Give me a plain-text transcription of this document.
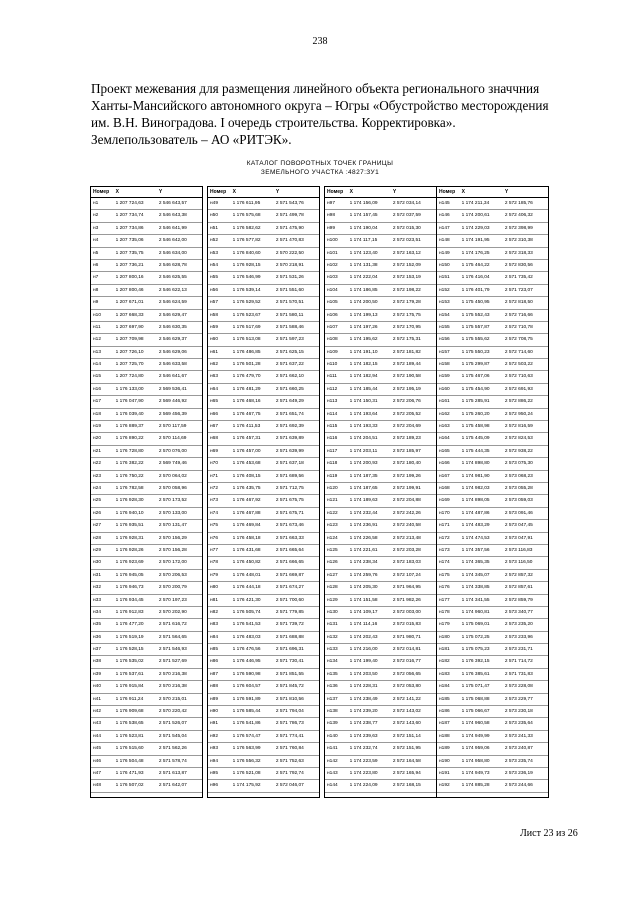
238
Проект межевания для размещения линейного объекта регионального значчния Ханты-Мансийского автономного округа – Югры «Обустройство месторождения им. В.Н. Виноградова. I очередь строительства. Корректировка». Землепользователь – АО «РИТЭК».
КАТАЛОГ ПОВОРОТНЫХ ТОЧЕК ГРАНИЦЫ
ЗЕМЕЛЬНОГО УЧАСТКА :4827:ЗУ1
Номер	X	Y
н1	1 207 724,63	2 546 643,57
н2	1 207 734,74	2 546 643,38
н3	1 207 734,86	2 546 641,99
н4	1 207 735,06	2 546 642,00
н5	1 207 735,75	2 546 634,00
н6	1 207 736,21	2 546 628,78
н7	1 207 800,16	2 546 625,55
н8	1 207 800,46	2 546 622,13
н9	1 207 671,01	2 546 624,59
н10	1 207 668,33	2 546 629,47
н11	1 207 697,90	2 546 630,35
н12	1 207 709,98	2 546 629,37
н13	1 207 726,10	2 546 629,06
н14	1 207 725,70	2 546 633,58
н15	1 207 724,80	2 546 641,67
н16	1 176 133,00	2 569 536,41
н17	1 176 047,90	2 569 446,92
н18	1 176 039,40	2 569 456,39
н19	1 176 889,37	2 570 117,59
н20	1 176 890,22	2 570 114,69
н21	1 176 728,80	2 570 076,00
н22	1 176 382,22	2 569 749,46
н23	1 176 750,22	2 570 064,02
н24	1 176 782,58	2 570 058,96
н25	1 176 928,30	2 570 173,52
н26	1 176 940,10	2 570 133,00
н27	1 176 935,51	2 570 131,47
н28	1 176 928,31	2 570 156,29
н29	1 176 928,26	2 570 156,28
н30	1 176 923,69	2 570 172,00
н31	1 176 945,05	2 570 206,53
н32	1 176 946,73	2 570 200,79
н33	1 176 934,45	2 570 197,23
н34	1 176 912,83	2 570 202,90
н35	1 176 477,20	2 571 616,72
н36	1 176 519,19	2 571 564,65
н37	1 176 528,15	2 571 546,93
н38	1 176 535,02	2 571 527,69
н39	1 176 537,61	2 570 216,38
н40	1 176 915,84	2 570 216,38
н41	1 176 911,24	2 570 215,01
н42	1 176 909,68	2 570 220,42
н43	1 176 538,65	2 571 526,07
н44	1 176 523,81	2 571 545,04
н45	1 176 515,60	2 571 562,26
н46	1 176 504,48	2 571 578,74
н47	1 176 471,93	2 571 613,87
н48	1 176 507,02	2 571 642,07
Номер	X	Y
н49	1 176 611,95	2 571 543,76
н50	1 176 575,68	2 571 499,78
н51	1 176 582,62	2 571 475,90
н52	1 176 577,82	2 571 470,83
н53	1 176 840,60	2 570 222,50
н54	1 176 928,15	2 570 218,91
н55	1 176 546,99	2 571 531,26
н56	1 176 539,14	2 571 551,60
н57	1 176 529,52	2 571 570,51
н58	1 176 523,67	2 571 580,11
н59	1 176 517,69	2 571 588,46
н60	1 176 513,08	2 571 597,23
н61	1 176 486,85	2 571 625,15
н62	1 176 501,28	2 571 637,22
н63	1 176 479,70	2 571 662,10
н64	1 176 481,29	2 571 660,25
н65	1 176 468,16	2 571 649,29
н66	1 176 467,75	2 571 651,74
н67	1 176 411,53	2 571 692,39
н68	1 176 457,31	2 571 639,89
н69	1 176 457,00	2 571 639,99
н70	1 176 453,68	2 571 637,18
н71	1 176 408,15	2 571 689,56
н72	1 176 435,75	2 571 712,75
н73	1 176 467,92	2 571 675,75
н74	1 176 467,88	2 571 675,71
н75	1 176 469,84	2 571 673,46
н76	1 176 458,18	2 571 663,33
н77	1 176 431,68	2 571 665,64
н78	1 176 450,82	2 571 666,65
н79	1 176 448,01	2 571 669,87
н80	1 176 444,18	2 571 674,27
н81	1 176 421,30	2 571 700,60
н82	1 176 505,74	2 571 779,85
н83	1 176 541,53	2 571 739,72
н84	1 176 483,03	2 571 688,88
н85	1 176 476,56	2 571 696,31
н86	1 176 446,95	2 571 730,41
н87	1 176 590,98	2 571 851,55
н88	1 176 604,57	2 571 845,72
н89	1 176 591,89	2 571 810,56
н90	1 176 585,44	2 571 794,04
н91	1 176 541,86	2 571 786,73
н92	1 176 574,47	2 571 774,41
н93	1 176 563,99	2 571 760,84
н94	1 176 556,32	2 571 752,63
н95	1 176 521,08	2 571 792,74
н96	1 174 175,92	2 572 046,07
Номер	X	Y
н97	1 174 156,09	2 572 034,14
н98	1 174 157,45	2 572 037,59
н99	1 174 190,04	2 572 015,30
н100	1 174 117,15	2 572 023,51
н101	1 174 123,40	2 572 163,12
н102	1 174 131,38	2 572 152,09
н103	1 174 222,04	2 572 153,19
н104	1 174 186,85	2 572 198,22
н105	1 174 200,50	2 572 179,28
н106	1 174 199,13	2 572 175,75
н107	1 174 197,26	2 572 170,95
н108	1 174 195,62	2 572 175,31
н109	1 174 191,10	2 572 181,82
н110	1 174 182,15	2 572 189,44
н111	1 174 182,94	2 572 190,58
н112	1 174 185,44	2 572 195,19
н113	1 174 150,31	2 572 206,76
н114	1 174 193,64	2 572 205,52
н115	1 174 193,33	2 572 204,69
н116	1 174 204,51	2 572 189,23
н117	1 174 203,11	2 572 185,97
н118	1 174 200,93	2 572 180,40
н119	1 174 187,35	2 572 199,26
н120	1 174 187,65	2 572 199,91
н121	1 174 189,63	2 572 204,88
н122	1 174 232,44	2 572 242,26
н123	1 174 236,91	2 572 240,58
н124	1 174 226,58	2 572 213,48
н125	1 174 221,61	2 572 203,28
н126	1 174 238,34	2 572 183,03
н127	1 174 259,76	2 572 107,24
н128	1 174 205,30	2 571 964,95
н129	1 174 151,58	2 571 982,26
н130	1 174 109,17	2 572 003,00
н131	1 174 114,16	2 572 015,83
н132	1 174 202,43	2 571 980,71
н133	1 174 216,00	2 572 014,81
н134	1 174 199,40	2 572 016,77
н135	1 174 203,50	2 572 056,65
н136	1 174 228,31	2 572 053,80
н137	1 174 238,49	2 572 141,22
н138	1 174 239,20	2 572 143,02
н139	1 174 238,77	2 572 143,60
н140	1 174 239,63	2 572 151,14
н141	1 174 232,74	2 572 151,95
н142	1 174 223,59	2 572 164,58
н143	1 174 223,80	2 572 165,94
н144	1 174 224,09	2 572 168,15
Номер	X	Y
н145	1 174 211,34	2 572 185,76
н146	1 174 200,61	2 572 406,32
н147	1 174 229,03	2 572 398,99
н148	1 174 191,95	2 572 310,38
н149	1 174 176,25	2 572 318,33
н150	1 175 464,22	2 572 830,56
н151	1 176 416,04	2 571 735,42
н152	1 176 401,79	2 571 723,07
н153	1 175 450,95	2 572 818,50
н154	1 175 552,43	2 572 716,66
н155	1 175 557,87	2 572 710,78
н156	1 175 555,62	2 572 708,75
н157	1 175 550,23	2 572 714,60
н158	1 175 299,87	2 572 503,22
н159	1 175 467,06	2 572 710,63
н160	1 175 454,90	2 572 691,93
н161	1 175 285,91	2 572 886,22
н162	1 175 260,20	2 572 950,24
н163	1 175 458,98	2 572 816,59
н164	1 175 445,09	2 572 824,53
н165	1 175 444,35	2 572 938,22
н166	1 174 898,80	2 573 075,30
н167	1 174 981,90	2 573 068,23
н168	1 174 982,03	2 573 055,28
н169	1 174 898,05	2 573 059,03
н170	1 174 487,86	2 573 091,46
н171	1 174 483,29	2 573 047,45
н172	1 174 474,53	2 573 047,91
н173	1 174 357,56	2 573 116,83
н174	1 174 365,35	2 573 116,50
н175	1 174 345,07	2 572 857,32
н176	1 174 338,85	2 572 857,61
н177	1 174 341,55	2 572 859,79
н178	1 174 960,81	2 573 340,77
н179	1 175 069,01	2 573 235,20
н180	1 175 072,25	2 573 233,96
н181	1 175 075,23	2 573 231,71
н182	1 176 392,15	2 571 714,72
н183	1 176 385,61	2 571 731,83
н184	1 175 071,47	2 573 228,08
н185	1 175 068,88	2 573 229,77
н186	1 175 066,67	2 573 230,18
н187	1 174 960,58	2 573 235,64
н188	1 174 949,99	2 573 241,33
н189	1 174 959,06	2 573 240,87
н190	1 174 958,80	2 573 235,74
н191	1 174 949,73	2 573 236,19
н192	1 174 885,28	2 573 244,66
Лист 23 из 26
